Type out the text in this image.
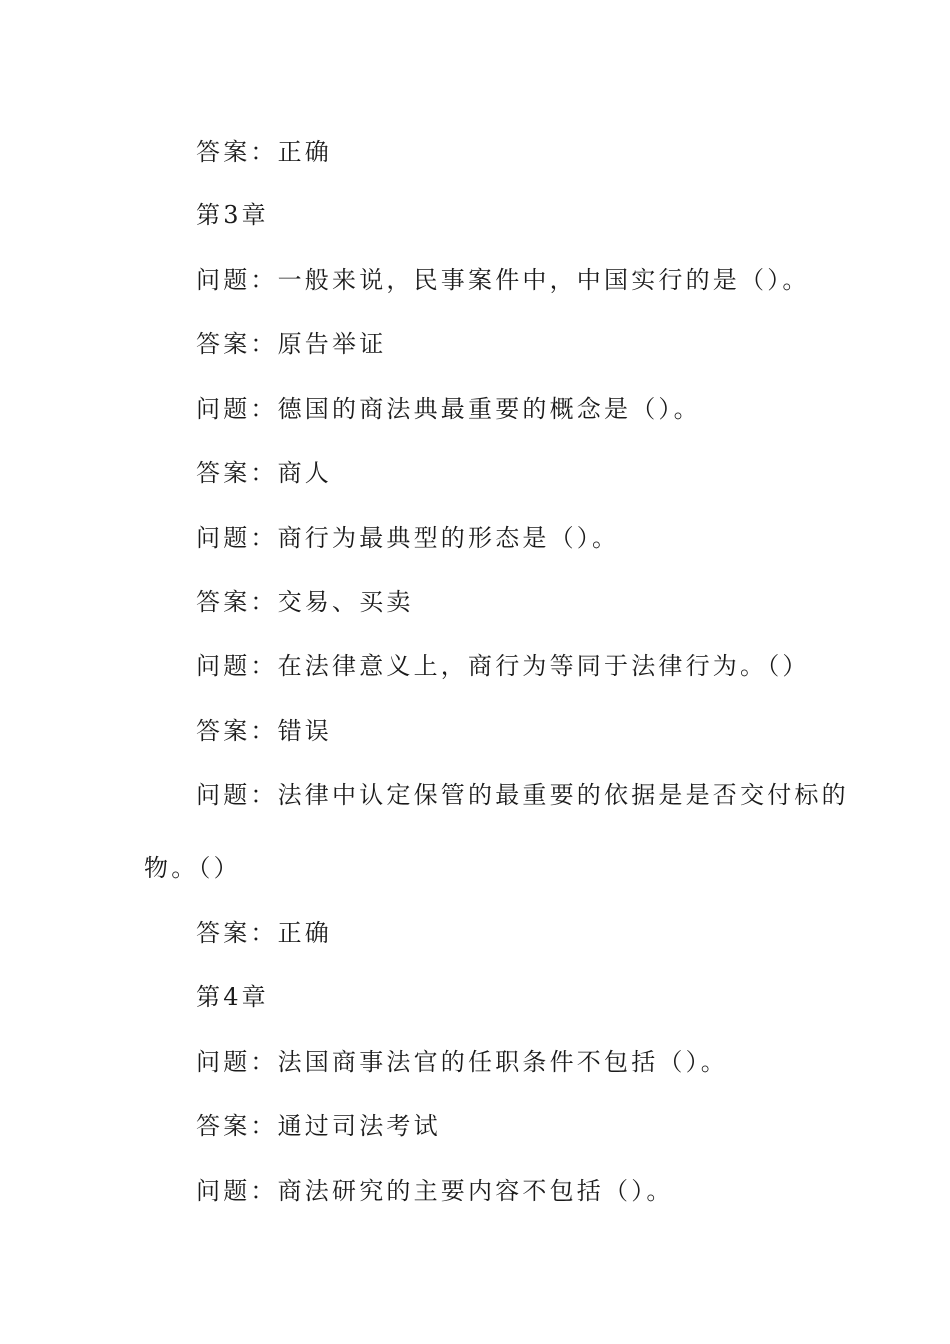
答案：正确
第3章
问题：一般来说，民事案件中，中国实行的是（）。
答案：原告举证
问题：德国的商法典最重要的概念是（）。
答案：商人
问题：商行为最典型的形态是（）。
答案：交易、买卖
问题：在法律意义上，商行为等同于法律行为。（）
答案：错误
问题：法律中认定保管的最重要的依据是是否交付标的
物。（）
答案：正确
第4章
问题：法国商事法官的任职条件不包括（）。
答案：通过司法考试
问题：商法研究的主要内容不包括（）。
